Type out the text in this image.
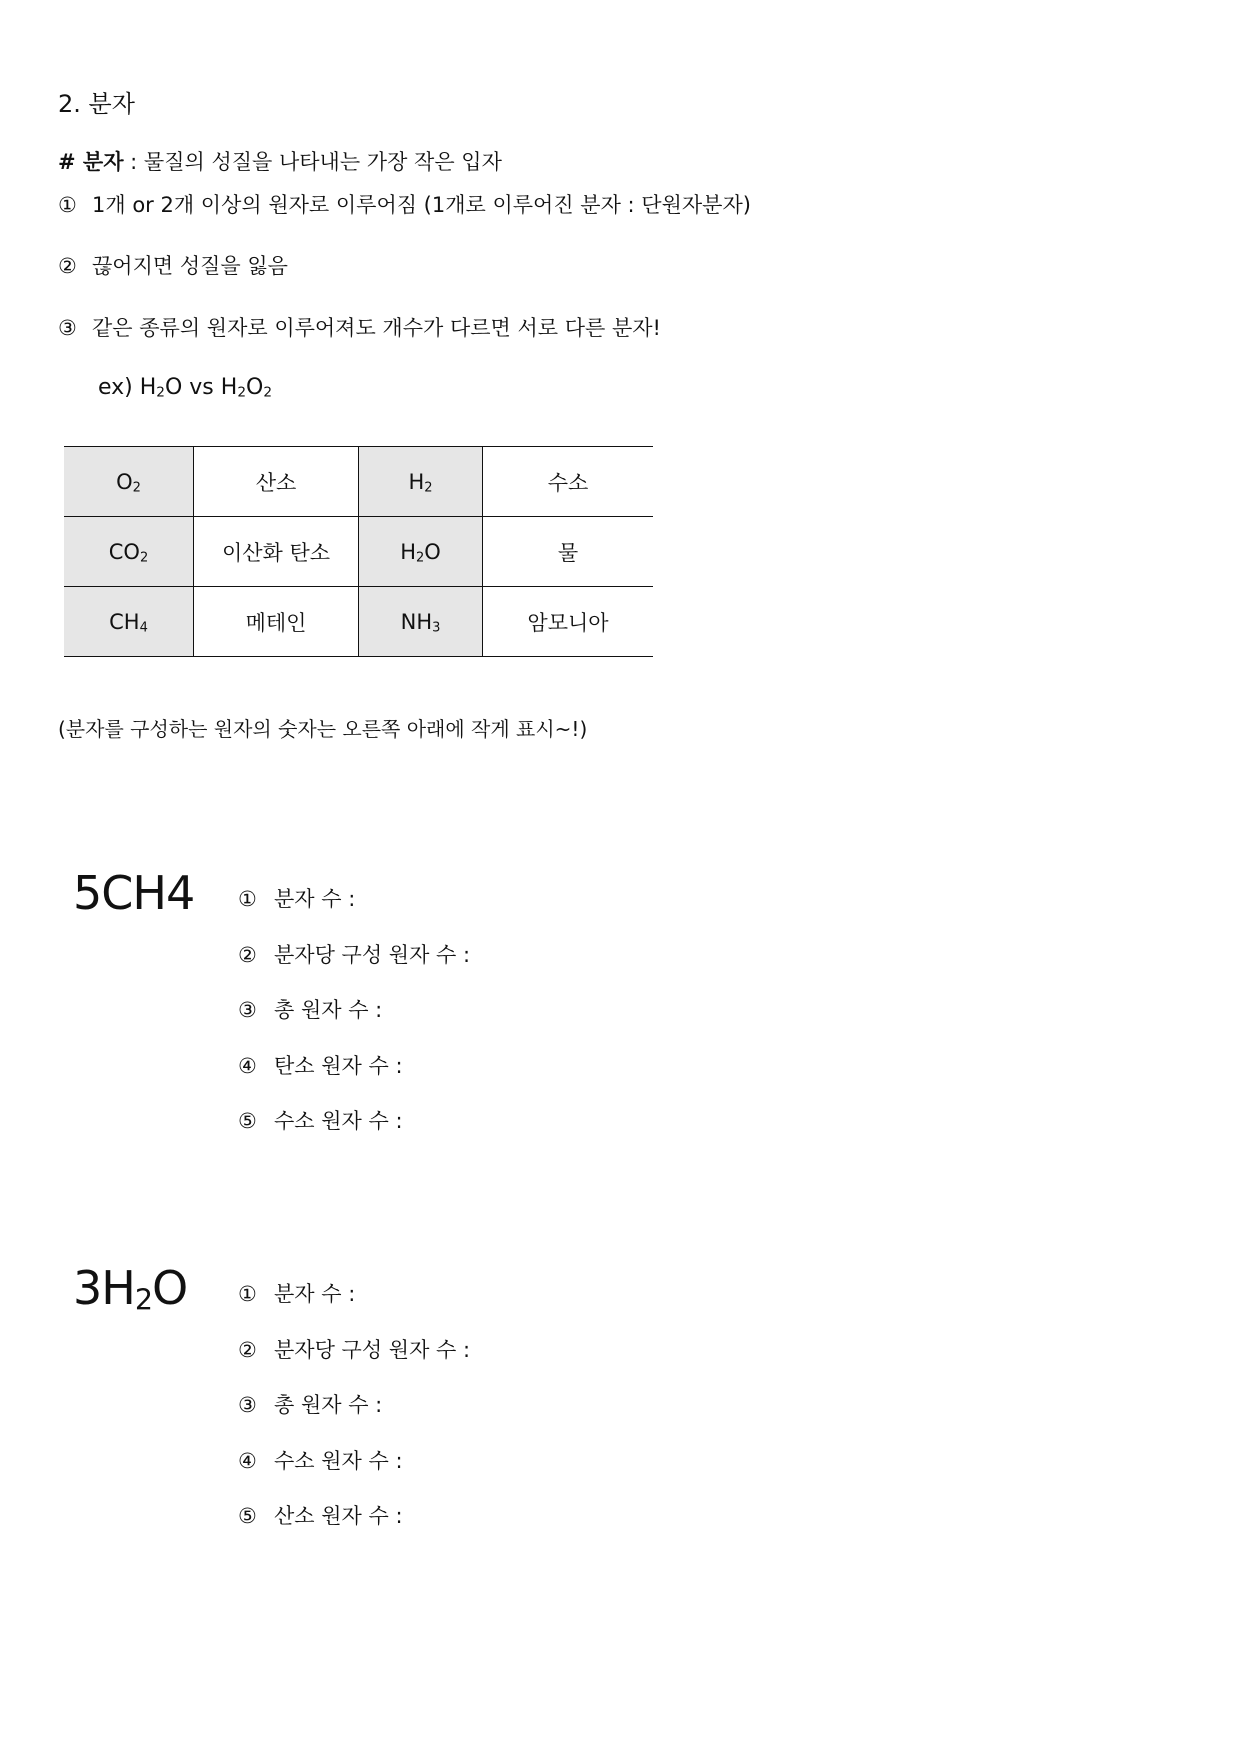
2. 분자
# 분자 : 물질의 성질을 나타내는 가장 작은 입자
① 1개 or 2개 이상의 원자로 이루어짐 (1개로 이루어진 분자 : 단원자분자)
② 끊어지면 성질을 잃음
③ 같은 종류의 원자로 이루어져도 개수가 다르면 서로 다른 분자!
ex) $H_2O$ vs $H_2O_2$
$O_2$	산소	$H_2$	수소
$CO_2$	이산화 탄소	$H_2O$	물
$CH_4$	메테인	$NH_3$	암모니아
(분자를 구성하는 원자의 숫자는 오른쪽 아래에 작게 표시~!)
5CH4 ① 분자 수 :
② 분자당 구성 원자 수 :
③ 총 원자 수 :
④ 탄소 원자 수 :
⑤ 수소 원자 수 :
$3H_2O$ ① 분자 수 :
② 분자당 구성 원자 수 :
③ 총 원자 수 :
④ 수소 원자 수 :
⑤ 산소 원자 수 :
